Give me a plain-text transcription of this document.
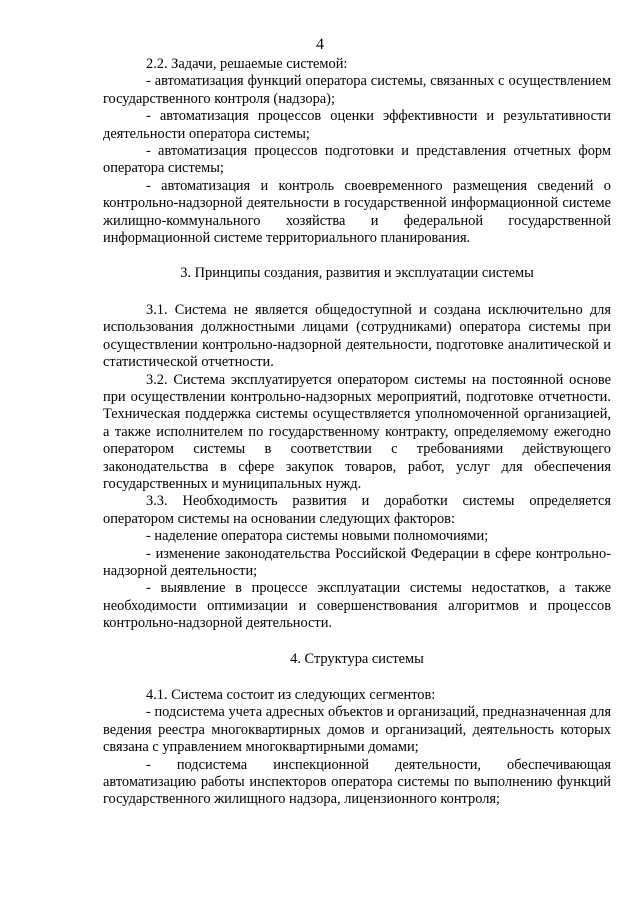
4

2.2. Задачи, решаемые системой:

- автоматизация функций оператора системы, связанных с осуществлением государственного контроля (надзора);

- автоматизация процессов оценки эффективности и результативности деятельности оператора системы;

- автоматизация процессов подготовки и представления отчетных форм оператора системы;

- автоматизация и контроль своевременного размещения сведений о контрольно-надзорной деятельности в государственной информационной системе жилищно-коммунального хозяйства и федеральной государственной информационной системе территориального планирования.

3. Принципы создания, развития и эксплуатации системы

3.1. Система не является общедоступной и создана исключительно для использования должностными лицами (сотрудниками) оператора системы при осуществлении контрольно-надзорной деятельности, подготовке аналитической и статистической отчетности.

3.2. Система эксплуатируется оператором системы на постоянной основе при осуществлении контрольно-надзорных мероприятий, подготовке отчетности. Техническая поддержка системы осуществляется уполномоченной организацией, а также исполнителем по государственному контракту, определяемому ежегодно оператором системы в соответствии с требованиями действующего законодательства в сфере закупок товаров, работ, услуг для обеспечения государственных и муниципальных нужд.

3.3. Необходимость развития и доработки системы определяется оператором системы на основании следующих факторов:

- наделение оператора системы новыми полномочиями;

- изменение законодательства Российской Федерации в сфере контрольно-надзорной деятельности;

- выявление в процессе эксплуатации системы недостатков, а также необходимости оптимизации и совершенствования алгоритмов и процессов контрольно-надзорной деятельности.

4. Структура системы

4.1. Система состоит из следующих сегментов:

- подсистема учета адресных объектов и организаций, предназначенная для ведения реестра многоквартирных домов и организаций, деятельность которых связана с управлением многоквартирными домами;

- подсистема инспекционной деятельности, обеспечивающая автоматизацию работы инспекторов оператора системы по выполнению функций государственного жилищного надзора, лицензионного контроля;
